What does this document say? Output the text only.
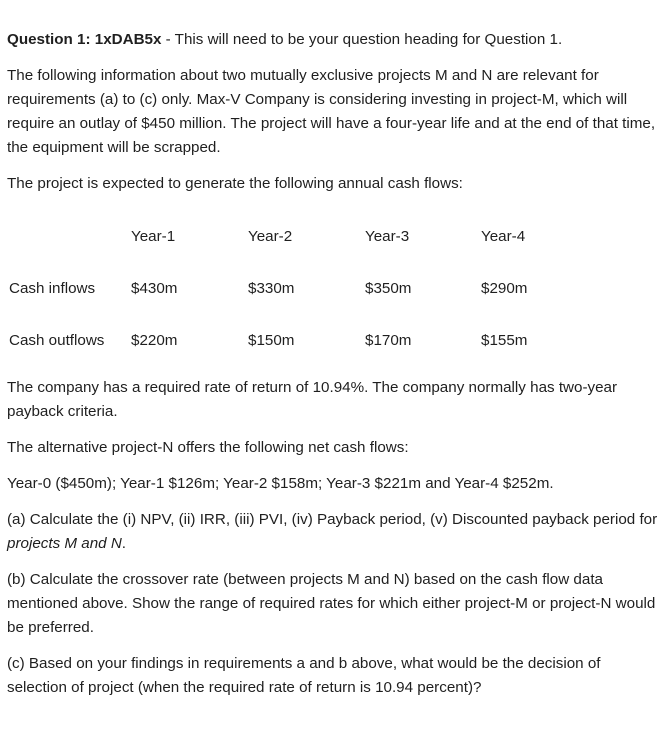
Question 1: 1xDAB5x - This will need to be your question heading for Question 1.

The following information about two mutually exclusive projects M and N are relevant for requirements (a) to (c) only. Max-V Company is considering investing in project-M, which will require an outlay of $450 million. The project will have a four-year life and at the end of that time, the equipment will be scrapped.

The project is expected to generate the following annual cash flows:

	Year-1	Year-2	Year-3	Year-4
Cash inflows	$430m	$330m	$350m	$290m
Cash outflows	$220m	$150m	$170m	$155m

The company has a required rate of return of 10.94%. The company normally has two-year payback criteria.

The alternative project-N offers the following net cash flows:

Year-0 ($450m); Year-1 $126m; Year-2 $158m; Year-3 $221m and Year-4 $252m.

(a) Calculate the (i) NPV, (ii) IRR, (iii) PVI, (iv) Payback period, (v) Discounted payback period for projects M and N.

(b) Calculate the crossover rate (between projects M and N) based on the cash flow data mentioned above. Show the range of required rates for which either project-M or project-N would be preferred.

(c) Based on your findings in requirements a and b above, what would be the decision of selection of project (when the required rate of return is 10.94 percent)?
